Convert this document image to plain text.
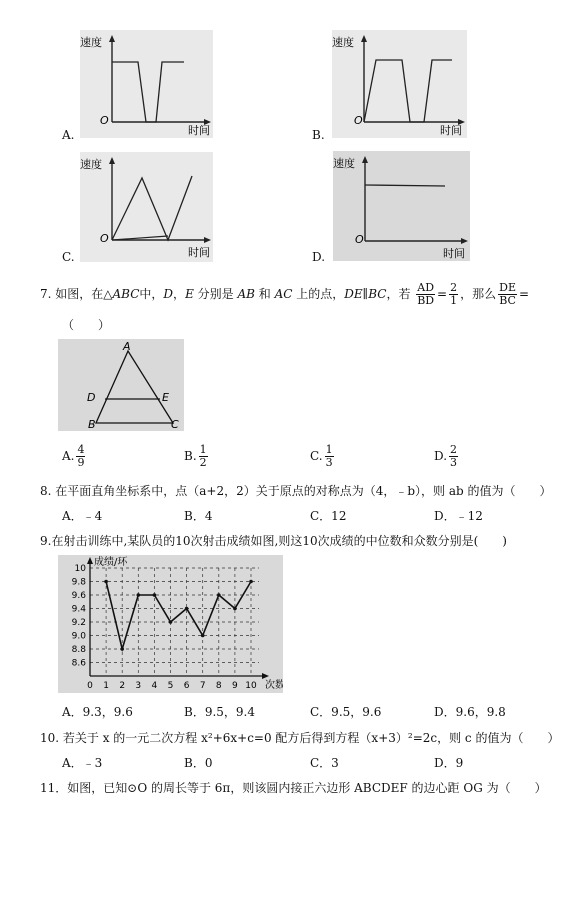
A.
速度
O
时间	B.
速度
O
时间
C.
速度
O
时间	D.
速度
O
时间
7. 如图，在△ABC中，D，E 分别是 AB 和 AC 上的点，DE∥BC，若 $\frac{AD}{BD} = \frac{2}{1}$ ，那么 $\frac{DE}{BC}$ =
（　　）
A
D	E
B	C
A. $\frac{4}{9}$	B. $\frac{1}{2}$	C. $\frac{1}{3}$	D. $\frac{2}{3}$
8. 在平面直角坐标系中，点（a+2，2）关于原点的对称点为（4，﹣b），则 ab 的值为（　　）
A．﹣4	B．4	C．12	D．﹣12
9.在射击训练中,某队员的10次射击成绩如图,则这10次成绩的中位数和众数分别是(　　)
成绩/环
次数
8.6
8.8
9.0
9.2
9.4
9.6
9.8
10
0 1 2 3 4 5 6 7 8 9 10
A．9.3，9.6	B．9.5，9.4	C．9.5，9.6	D．9.6，9.8
10. 若关于 x 的一元二次方程 x²+6x+c=0 配方后得到方程（x+3）²=2c，则 c 的值为（　　）
A．﹣3	B．0	C．3	D．9
11．如图，已知⊙O 的周长等于 6π，则该圆内接正六边形 ABCDEF 的边心距 OG 为（　　）
